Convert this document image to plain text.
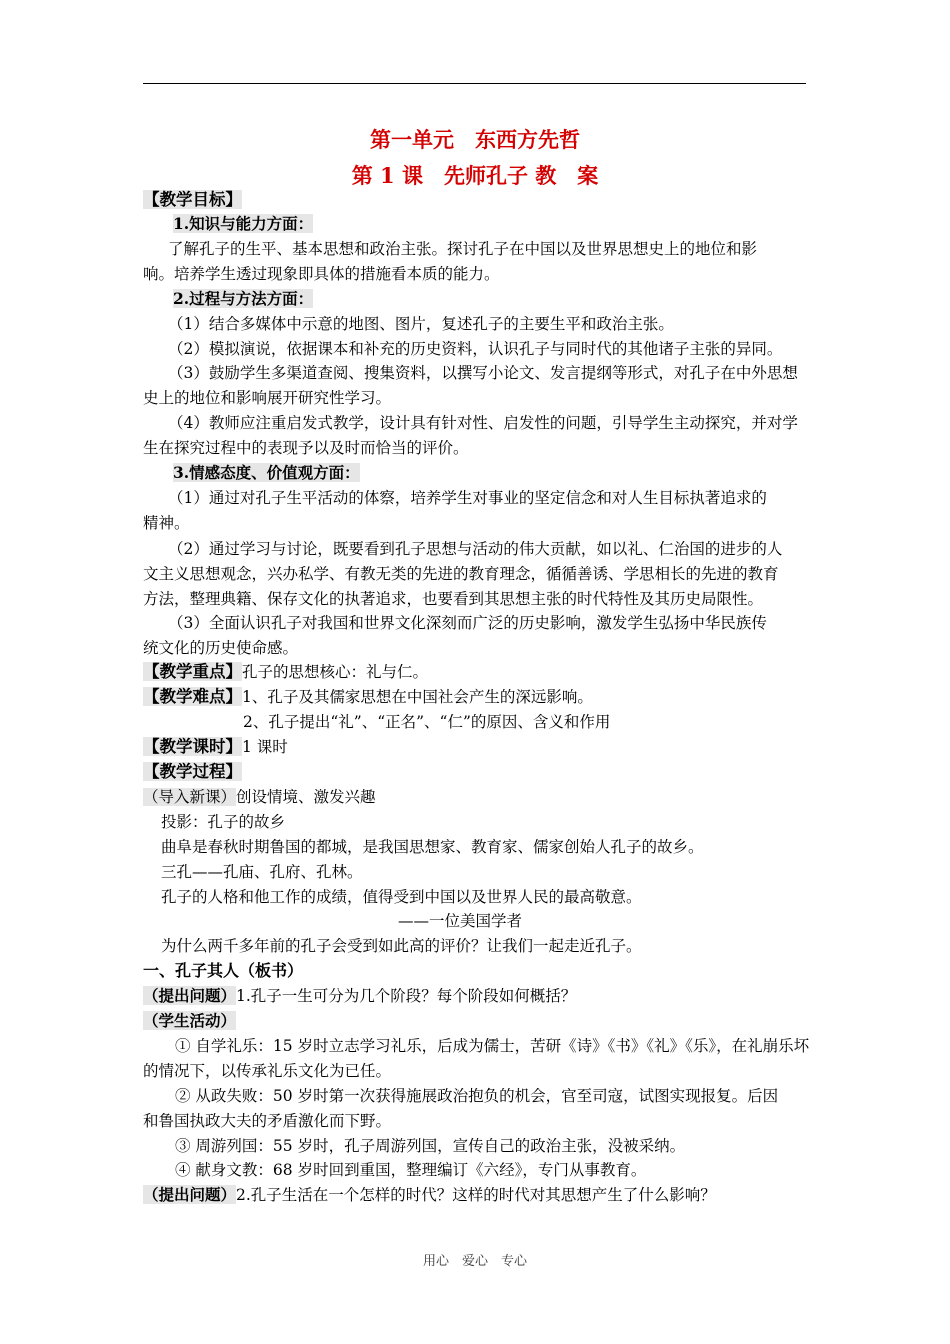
第一单元　东西方先哲
第 1 课　先师孔子 教　案
【教学目标】
1.知识与能力方面：
了解孔子的生平、基本思想和政治主张。探讨孔子在中国以及世界思想史上的地位和影
响。培养学生透过现象即具体的措施看本质的能力。
2.过程与方法方面：
（1）结合多媒体中示意的地图、图片，复述孔子的主要生平和政治主张。
（2）模拟演说，依据课本和补充的历史资料，认识孔子与同时代的其他诸子主张的异同。
（3）鼓励学生多渠道查阅、搜集资料，以撰写小论文、发言提纲等形式，对孔子在中外思想
史上的地位和影响展开研究性学习。
（4）教师应注重启发式教学，设计具有针对性、启发性的问题，引导学生主动探究，并对学
生在探究过程中的表现予以及时而恰当的评价。
3.情感态度、价值观方面：
（1）通过对孔子生平活动的体察，培养学生对事业的坚定信念和对人生目标执著追求的
精神。
（2）通过学习与讨论，既要看到孔子思想与活动的伟大贡献，如以礼、仁治国的进步的人
文主义思想观念，兴办私学、有教无类的先进的教育理念，循循善诱、学思相长的先进的教育
方法，整理典籍、保存文化的执著追求，也要看到其思想主张的时代特性及其历史局限性。
（3）全面认识孔子对我国和世界文化深刻而广泛的历史影响，激发学生弘扬中华民族传
统文化的历史使命感。
【教学重点】孔子的思想核心：礼与仁。
【教学难点】1、孔子及其儒家思想在中国社会产生的深远影响。
2、孔子提出“礼”、“正名”、“仁”的原因、含义和作用
【教学课时】1 课时
【教学过程】
（导入新课）创设情境、激发兴趣
投影：孔子的故乡
曲阜是春秋时期鲁国的都城，是我国思想家、教育家、儒家创始人孔子的故乡。
三孔——孔庙、孔府、孔林。
孔子的人格和他工作的成绩，值得受到中国以及世界人民的最高敬意。
——一位美国学者
为什么两千多年前的孔子会受到如此高的评价？让我们一起走近孔子。
一、孔子其人（板书）
（提出问题）1.孔子一生可分为几个阶段？每个阶段如何概括？
（学生活动）
① 自学礼乐：15 岁时立志学习礼乐，后成为儒士，苦研《诗》《书》《礼》《乐》，在礼崩乐坏
的情况下，以传承礼乐文化为已任。
② 从政失败：50 岁时第一次获得施展政治抱负的机会，官至司寇，试图实现报复。后因
和鲁国执政大夫的矛盾激化而下野。
③ 周游列国：55 岁时，孔子周游列国，宣传自己的政治主张，没被采纳。
④ 献身文教：68 岁时回到重国，整理编订《六经》，专门从事教育。
（提出问题）2.孔子生活在一个怎样的时代？这样的时代对其思想产生了什么影响？
用心　爱心　专心
